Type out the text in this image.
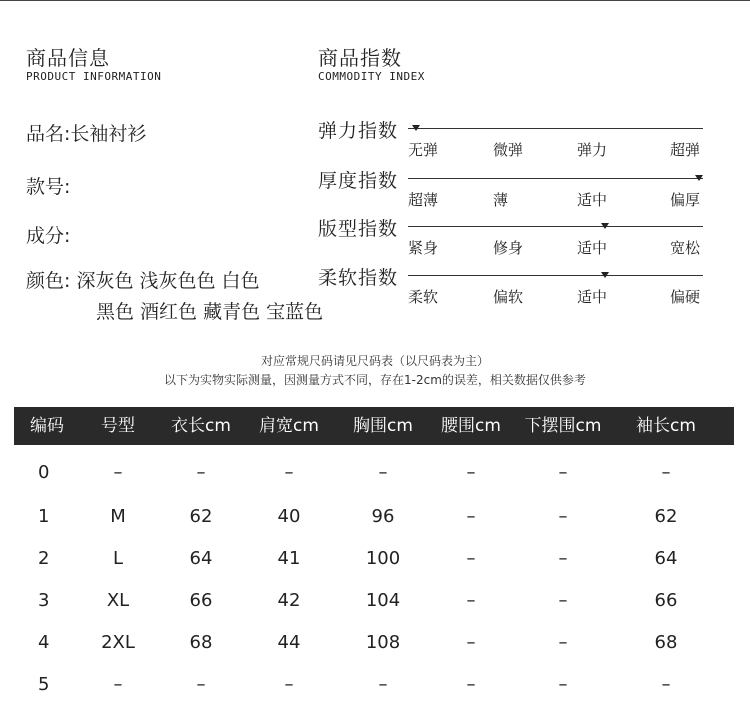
商品信息
PRODUCT INFORMATION
品名:长袖衬衫
款号:
成分:
颜色: 深灰色 浅灰色色 白色
黑色 酒红色 藏青色 宝蓝色
商品指数
COMMODITY INDEX
弹力指数
无弹	微弹	弹力	超弹
厚度指数
超薄	薄	适中	偏厚
版型指数
紧身	修身	适中	宽松
柔软指数
柔软	偏软	适中	偏硬
对应常规尺码请见尺码表（以尺码表为主）
以下为实物实际测量，因测量方式不同，存在1-2cm的误差，相关数据仅供参考
编码 号型 衣长cm 肩宽cm 胸围cm 腰围cm 下摆围cm 袖长cm
0	–	–	–	–	–	–	–
1	M	62	40	96	–	–	62
2	L	64	41	100	–	–	64
3	XL	66	42	104	–	–	66
4	2XL	68	44	108	–	–	68
5	–	–	–	–	–	–	–
